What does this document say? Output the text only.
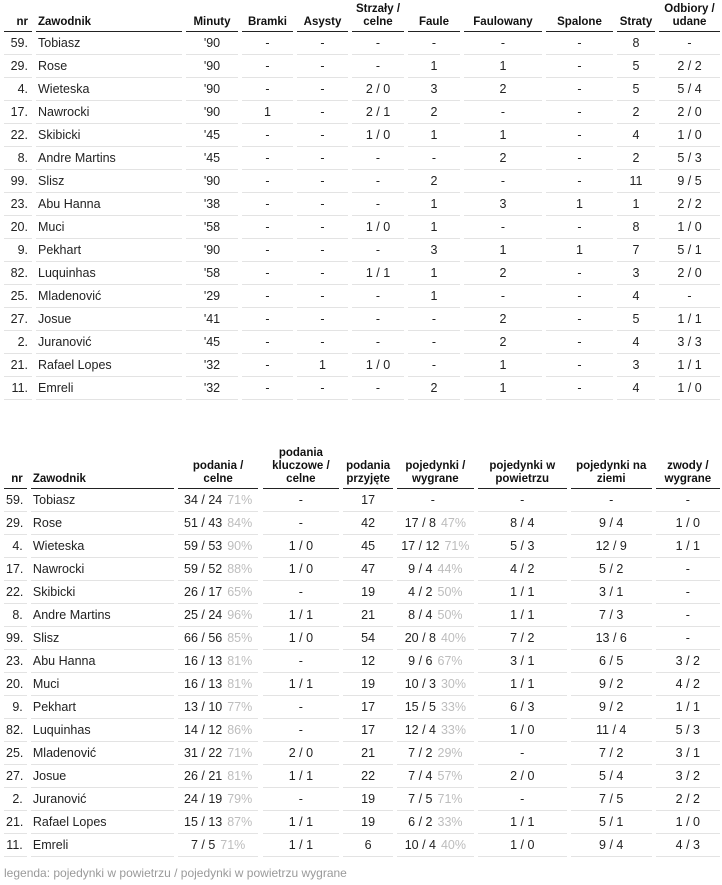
nr		Zawodnik		Minuty		Bramki		Asysty		Strzały / celne		Faule		Faulowany		Spalone		Straty		Odbiory / udane
59.		Tobiasz		'90		-		-		-		-		-		-		8		-
29.		Rose		'90		-		-		-		1		1		-		5		2 / 2
4.		Wieteska		'90		-		-		2 / 0		3		2		-		5		5 / 4
17.		Nawrocki		'90		1		-		2 / 1		2		-		-		2		2 / 0
22.		Skibicki		'45		-		-		1 / 0		1		1		-		4		1 / 0
8.		Andre Martins		'45		-		-		-		-		2		-		2		5 / 3
99.		Slisz		'90		-		-		-		2		-		-		11		9 / 5
23.		Abu Hanna		'38		-		-		-		1		3		1		1		2 / 2
20.		Muci		'58		-		-		1 / 0		1		-		-		8		1 / 0
9.		Pekhart		'90		-		-		-		3		1		1		7		5 / 1
82.		Luquinhas		'58		-		-		1 / 1		1		2		-		3		2 / 0
25.		Mladenović		'29		-		-		-		1		-		-		4		-
27.		Josue		'41		-		-		-		-		2		-		5		1 / 1
2.		Juranović		'45		-		-		-		-		2		-		4		3 / 3
21.		Rafael Lopes		'32		-		1		1 / 0		-		1		-		3		1 / 1
11.		Emreli		'32		-		-		-		2		1		-		4		1 / 0
nr		Zawodnik		podania / celne		podania kluczowe / celne		podania przyjęte		pojedynki / wygrane		pojedynki w powietrzu		pojedynki na ziemi		zwody / wygrane
59.		Tobiasz		34 / 24 71%		-		17		-		-		-		-
29.		Rose		51 / 43 84%		-		42		17 / 8 47%		8 / 4		9 / 4		1 / 0
4.		Wieteska		59 / 53 90%		1 / 0		45		17 / 12 71%		5 / 3		12 / 9		1 / 1
17.		Nawrocki		59 / 52 88%		1 / 0		47		9 / 4 44%		4 / 2		5 / 2		-
22.		Skibicki		26 / 17 65%		-		19		4 / 2 50%		1 / 1		3 / 1		-
8.		Andre Martins		25 / 24 96%		1 / 1		21		8 / 4 50%		1 / 1		7 / 3		-
99.		Slisz		66 / 56 85%		1 / 0		54		20 / 8 40%		7 / 2		13 / 6		-
23.		Abu Hanna		16 / 13 81%		-		12		9 / 6 67%		3 / 1		6 / 5		3 / 2
20.		Muci		16 / 13 81%		1 / 1		19		10 / 3 30%		1 / 1		9 / 2		4 / 2
9.		Pekhart		13 / 10 77%		-		17		15 / 5 33%		6 / 3		9 / 2		1 / 1
82.		Luquinhas		14 / 12 86%		-		17		12 / 4 33%		1 / 0		11 / 4		5 / 3
25.		Mladenović		31 / 22 71%		2 / 0		21		7 / 2 29%		-		7 / 2		3 / 1
27.		Josue		26 / 21 81%		1 / 1		22		7 / 4 57%		2 / 0		5 / 4		3 / 2
2.		Juranović		24 / 19 79%		-		19		7 / 5 71%		-		7 / 5		2 / 2
21.		Rafael Lopes		15 / 13 87%		1 / 1		19		6 / 2 33%		1 / 1		5 / 1		1 / 0
11.		Emreli		7 / 5 71%		1 / 1		6		10 / 4 40%		1 / 0		9 / 4		4 / 3
legenda: pojedynki w powietrzu / pojedynki w powietrzu wygrane
